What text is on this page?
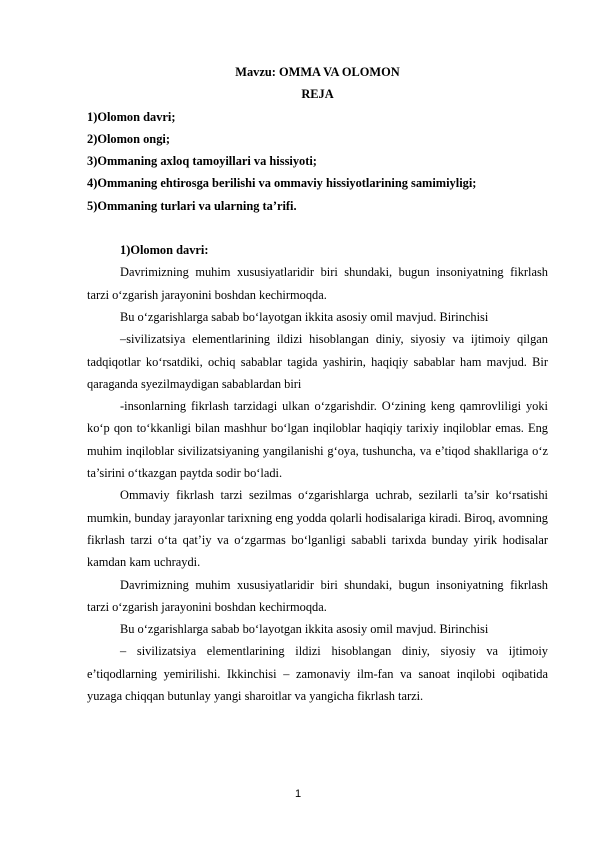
Mavzu: OMMA VA OLOMON

REJA

1)Olomon davri;
2)Olomon ongi;
3)Ommaning axloq tamoyillari va hissiyoti;
4)Ommaning ehtirosga berilishi va ommaviy hissiyotlarining samimiyligi;
5)Ommaning turlari va ularning ta’rifi.

1)Olomon davri:

Davrimizning muhim xususiyatlaridir biri shundaki, bugun insoniyatning fikrlash tarzi o‘zgarish jarayonini boshdan kechirmoqda.

Bu o‘zgarishlarga sabab bo‘layotgan ikkita asosiy omil mavjud. Birinchisi

–sivilizatsiya elementlarining ildizi hisoblangan diniy, siyosiy va ijtimoiy qilgan tadqiqotlar ko‘rsatdiki, ochiq sabablar tagida yashirin, haqiqiy sabablar ham mavjud. Bir qaraganda syezilmaydigan sabablardan biri

-insonlarning fikrlash tarzidagi ulkan o‘zgarishdir. O‘zining keng qamrovliligi yoki ko‘p qon to‘kkanligi bilan mashhur bo‘lgan inqiloblar haqiqiy tarixiy inqiloblar emas. Eng muhim inqiloblar sivilizatsiyaning yangilanishi g‘oya, tushuncha, va e’tiqod shakllariga o‘z ta’sirini o‘tkazgan paytda sodir bo‘ladi.

Ommaviy fikrlash tarzi sezilmas o‘zgarishlarga uchrab, sezilarli ta’sir ko‘rsatishi mumkin, bunday jarayonlar tarixning eng yodda qolarli hodisalariga kiradi. Biroq, avomning fikrlash tarzi o‘ta qat’iy va o‘zgarmas bo‘lganligi sababli tarixda bunday yirik hodisalar kamdan kam uchraydi.

Davrimizning muhim xususiyatlaridir biri shundaki, bugun insoniyatning fikrlash tarzi o‘zgarish jarayonini boshdan kechirmoqda.

Bu o‘zgarishlarga sabab bo‘layotgan ikkita asosiy omil mavjud. Birinchisi

– sivilizatsiya elementlarining ildizi hisoblangan diniy, siyosiy va ijtimoiy e’tiqodlarning yemirilishi. Ikkinchisi – zamonaviy ilm-fan va sanoat inqilobi oqibatida yuzaga chiqqan butunlay yangi sharoitlar va yangicha fikrlash tarzi.

1
